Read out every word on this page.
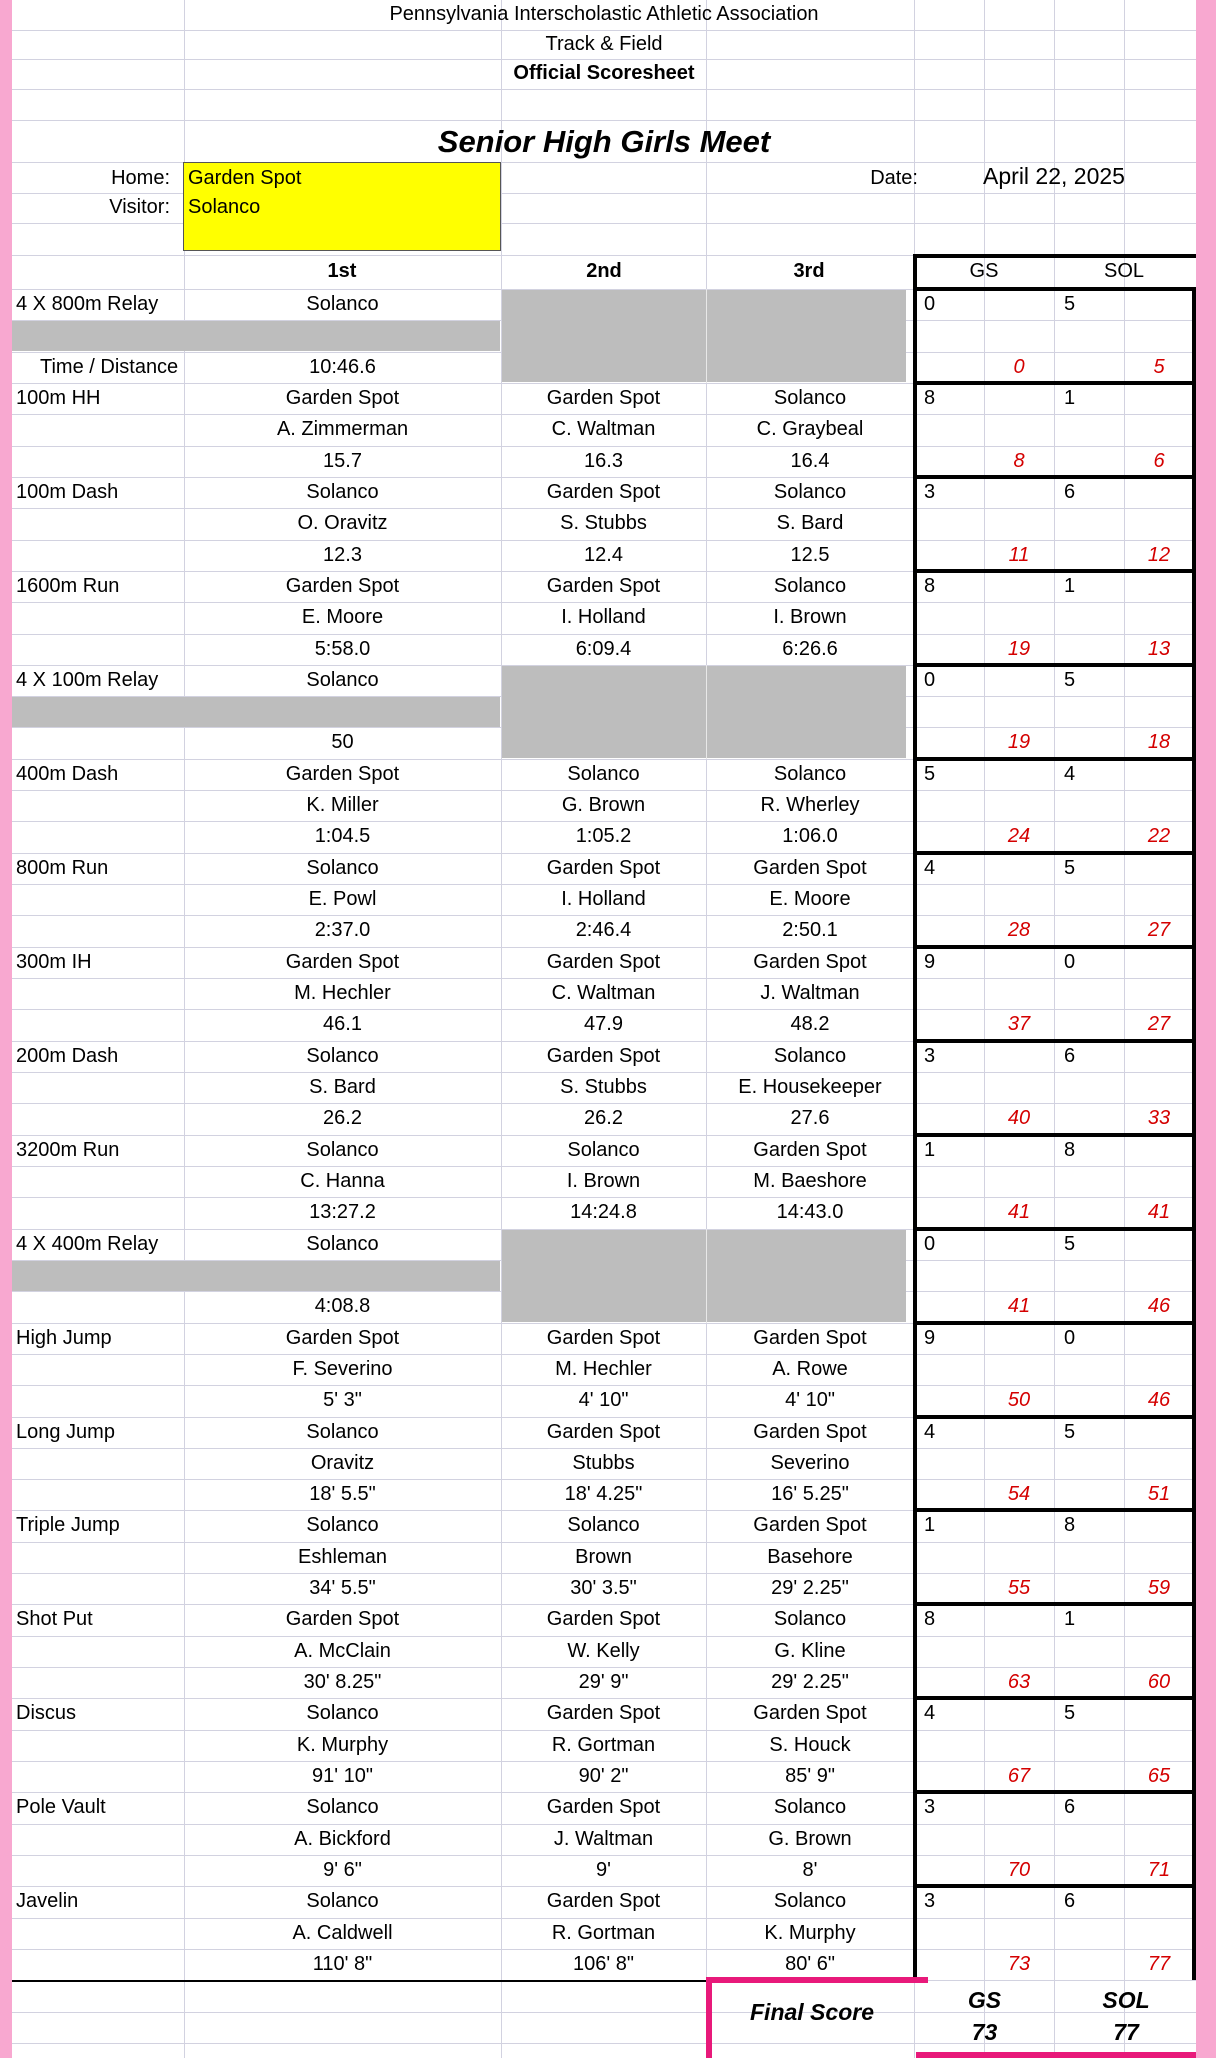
Pennsylvania Interscholastic Athletic Association
Track & Field
Official Scoresheet
Senior High Girls Meet
Home: Garden Spot
Visitor: Solanco
Date:	April 22, 2025
1st	2nd	3rd	GS	SOL
4 X 800m Relay	Solanco	0	5
Time / Distance	10:46.6	0	5
100m HH	Garden Spot	Garden Spot	Solanco	8	1
A. Zimmerman	C. Waltman	C. Graybeal
15.7	16.3	16.4	8	6
100m Dash	Solanco	Garden Spot	Solanco	3	6
O. Oravitz	S. Stubbs	S. Bard
12.3	12.4	12.5	11	12
1600m Run	Garden Spot	Garden Spot	Solanco	8	1
E. Moore	I. Holland	I. Brown
5:58.0	6:09.4	6:26.6	19	13
4 X 100m Relay	Solanco	0	5
50	19	18
400m Dash	Garden Spot	Solanco	Solanco	5	4
K. Miller	G. Brown	R. Wherley
1:04.5	1:05.2	1:06.0	24	22
800m Run	Solanco	Garden Spot	Garden Spot	4	5
E. Powl	I. Holland	E. Moore
2:37.0	2:46.4	2:50.1	28	27
300m IH	Garden Spot	Garden Spot	Garden Spot	9	0
M. Hechler	C. Waltman	J. Waltman
46.1	47.9	48.2	37	27
200m Dash	Solanco	Garden Spot	Solanco	3	6
S. Bard	S. Stubbs	E. Housekeeper
26.2	26.2	27.6	40	33
3200m Run	Solanco	Solanco	Garden Spot	1	8
C. Hanna	I. Brown	M. Baeshore
13:27.2	14:24.8	14:43.0	41	41
4 X 400m Relay	Solanco	0	5
4:08.8	41	46
High Jump	Garden Spot	Garden Spot	Garden Spot	9	0
F. Severino	M. Hechler	A. Rowe
5' 3"	4' 10"	4' 10"	50	46
Long Jump	Solanco	Garden Spot	Garden Spot	4	5
Oravitz	Stubbs	Severino
18' 5.5"	18' 4.25"	16' 5.25"	54	51
Triple Jump	Solanco	Solanco	Garden Spot	1	8
Eshleman	Brown	Basehore
34' 5.5"	30' 3.5"	29' 2.25"	55	59
Shot Put	Garden Spot	Garden Spot	Solanco	8	1
A. McClain	W. Kelly	G. Kline
30' 8.25"	29' 9"	29' 2.25"	63	60
Discus	Solanco	Garden Spot	Garden Spot	4	5
K. Murphy	R. Gortman	S. Houck
91' 10"	90' 2"	85' 9"	67	65
Pole Vault	Solanco	Garden Spot	Solanco	3	6
A. Bickford	J. Waltman	G. Brown
9' 6"	9'	8'	70	71
Javelin	Solanco	Garden Spot	Solanco	3	6
A. Caldwell	R. Gortman	K. Murphy
110' 8"	106' 8"	80' 6"	73	77
Final Score	GS	SOL
73	77
